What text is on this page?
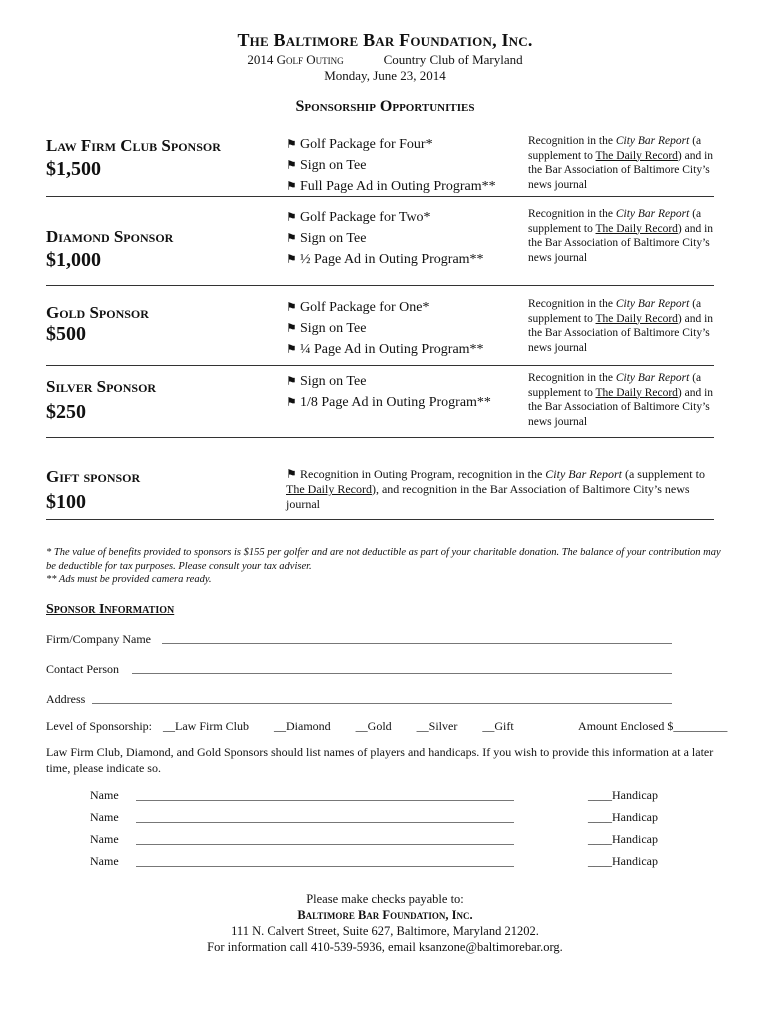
The Baltimore Bar Foundation, Inc.
2014 Golf Outing	Country Club of Maryland
Monday, June 23, 2014
Sponsorship Opportunities
Law Firm Club Sponsor
$1,500
⚑ Golf Package for Four*
⚑ Sign on Tee
⚑ Full Page Ad in Outing Program**
Recognition in the City Bar Report (a supplement to The Daily Record) and in the Bar Association of Baltimore City’s news journal
Diamond Sponsor
$1,000
⚑ Golf Package for Two*
⚑ Sign on Tee
⚑ ½ Page Ad in Outing Program**
Recognition in the City Bar Report (a supplement to The Daily Record) and in the Bar Association of Baltimore City’s news journal
Gold Sponsor
$500
⚑ Golf Package for One*
⚑ Sign on Tee
⚑ ¼ Page Ad in Outing Program**
Recognition in the City Bar Report (a supplement to The Daily Record) and in the Bar Association of Baltimore City’s news journal
Silver Sponsor
$250
⚑ Sign on Tee
⚑ 1/8 Page Ad in Outing Program**
Recognition in the City Bar Report (a supplement to The Daily Record) and in the Bar Association of Baltimore City’s news journal
Gift sponsor
$100
⚑ Recognition in Outing Program, recognition in the City Bar Report (a supplement to The Daily Record), and recognition in the Bar Association of Baltimore City’s news journal
* The value of benefits provided to sponsors is $155 per golfer and are not deductible as part of your charitable donation. The balance of your contribution may be deductible for tax purposes. Please consult your tax adviser.
** Ads must be provided camera ready.
Sponsor Information
Firm/Company Name
Contact Person
Address
Level of Sponsorship: __Law Firm Club __Diamond __Gold __Silver __Gift	Amount Enclosed $_________
Law Firm Club, Diamond, and Gold Sponsors should list names of players and handicaps. If you wish to provide this information at a later time, please indicate so.
Name	____Handicap
Name	____Handicap
Name	____Handicap
Name	____Handicap
Please make checks payable to:
Baltimore Bar Foundation, Inc.
111 N. Calvert Street, Suite 627, Baltimore, Maryland 21202.
For information call 410-539-5936, email ksanzone@baltimorebar.org.
